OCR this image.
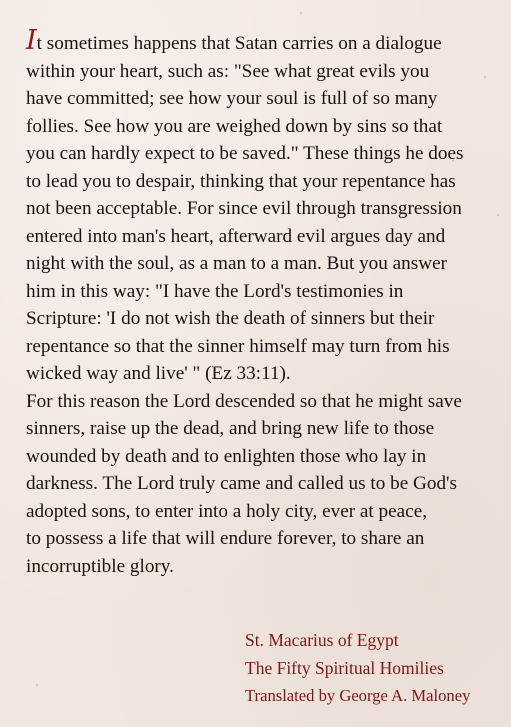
It sometimes happens that Satan carries on a dialogue
within your heart, such as: "See what great evils you
have committed; see how your soul is full of so many
follies. See how you are weighed down by sins so that
you can hardly expect to be saved." These things he does
to lead you to despair, thinking that your repentance has
not been acceptable. For since evil through transgression
entered into man's heart, afterward evil argues day and
night with the soul, as a man to a man. But you answer
him in this way: "I have the Lord's testimonies in
Scripture: 'I do not wish the death of sinners but their
repentance so that the sinner himself may turn from his
wicked way and live' " (Ez 33:11).
For this reason the Lord descended so that he might save
sinners, raise up the dead, and bring new life to those
wounded by death and to enlighten those who lay in
darkness. The Lord truly came and called us to be God's
adopted sons, to enter into a holy city, ever at peace,
to possess a life that will endure forever, to share an
incorruptible glory.
St. Macarius of Egypt
The Fifty Spiritual Homilies
Translated by George A. Maloney
